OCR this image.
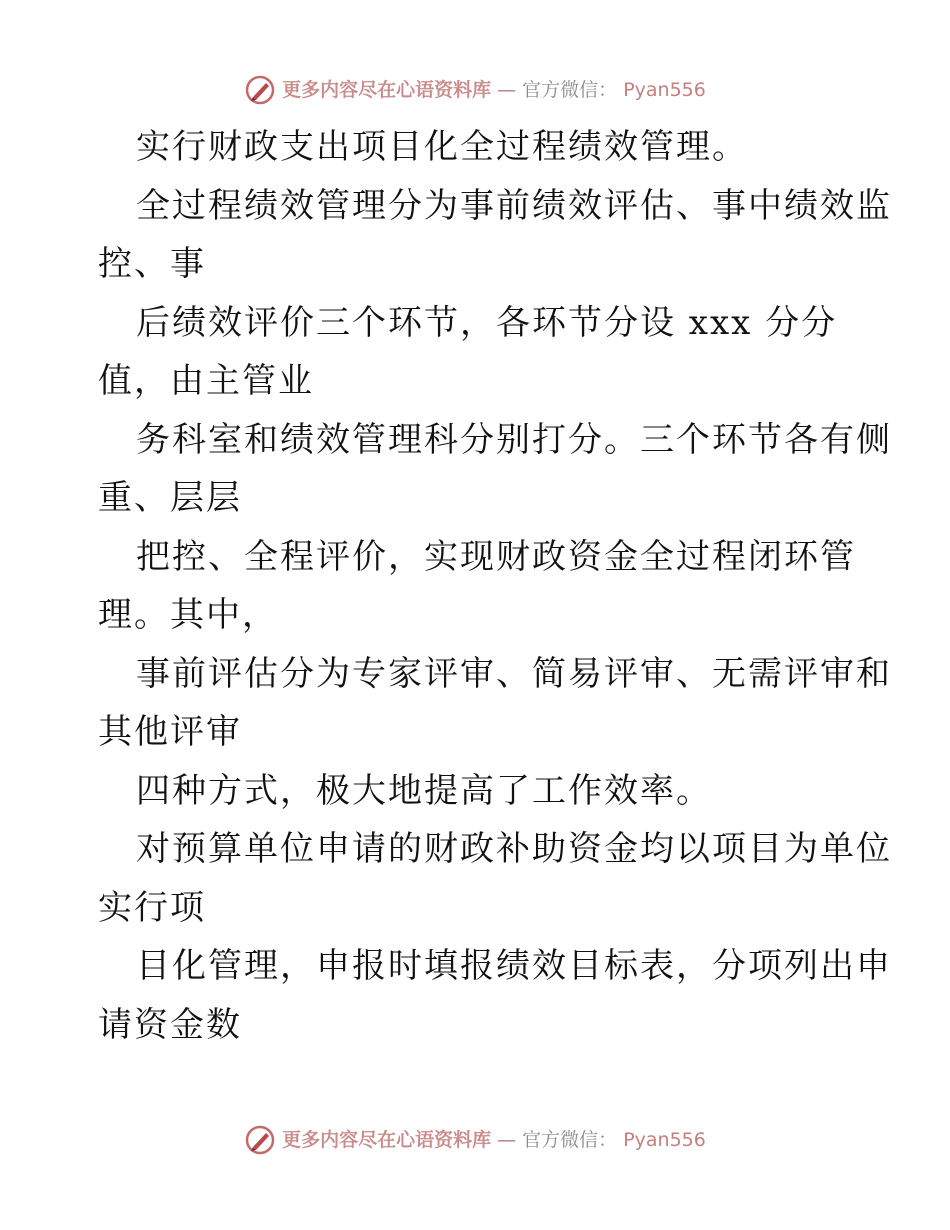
更多内容尽在心语资料库 — 官方微信： Pyan556
实行财政支出项目化全过程绩效管理。
全过程绩效管理分为事前绩效评估、事中绩效监
控、事
后绩效评价三个环节，各环节分设 xxx 分分
值，由主管业
务科室和绩效管理科分别打分。三个环节各有侧
重、层层
把控、全程评价，实现财政资金全过程闭环管
理。其中，
事前评估分为专家评审、简易评审、无需评审和
其他评审
四种方式，极大地提高了工作效率。
对预算单位申请的财政补助资金均以项目为单位
实行项
目化管理，申报时填报绩效目标表，分项列出申
请资金数
更多内容尽在心语资料库 — 官方微信： Pyan556
